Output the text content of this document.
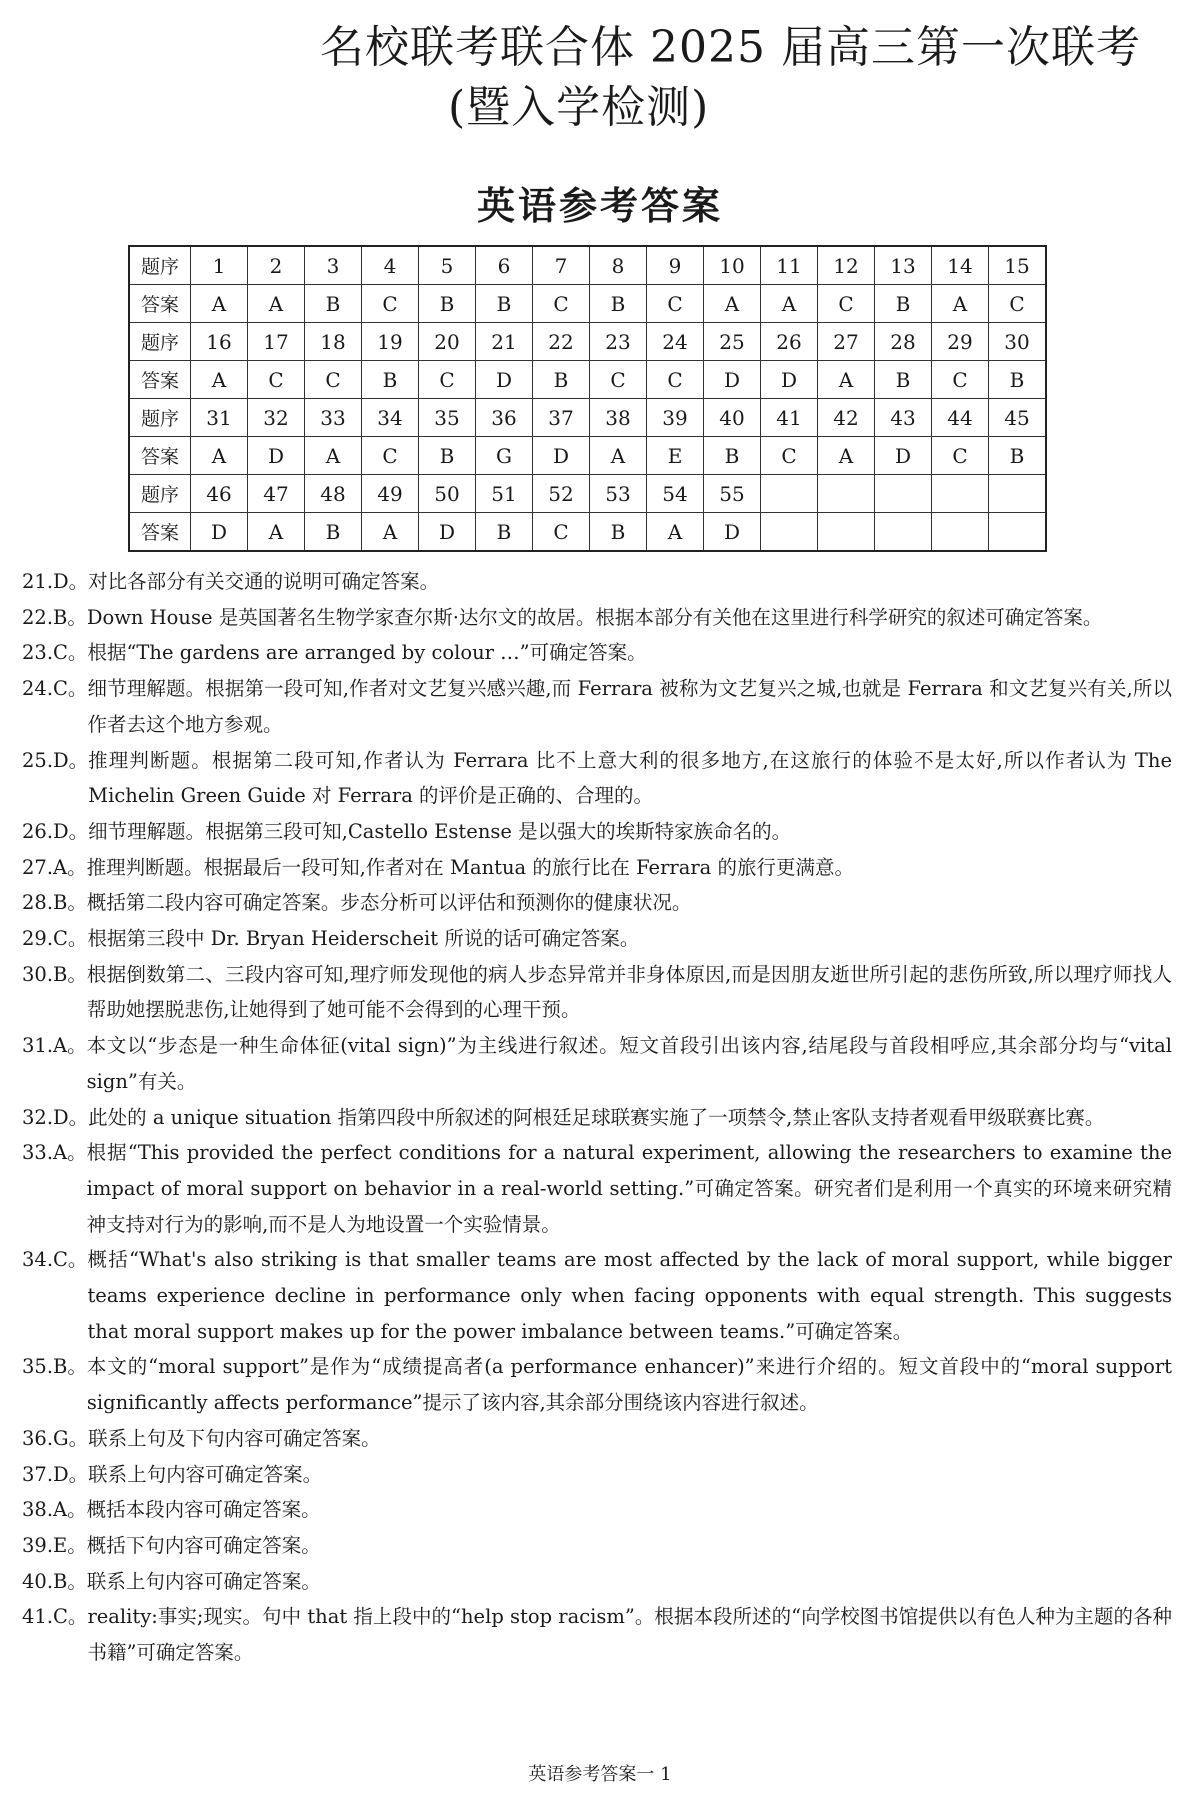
名校联考联合体 2025 届高三第一次联考
(暨入学检测)
英语参考答案
题序	1	2	3	4	5	6	7	8	9	10	11	12	13	14	15
答案	A	A	B	C	B	B	C	B	C	A	A	C	B	A	C
题序	16	17	18	19	20	21	22	23	24	25	26	27	28	29	30
答案	A	C	C	B	C	D	B	C	C	D	D	A	B	C	B
题序	31	32	33	34	35	36	37	38	39	40	41	42	43	44	45
答案	A	D	A	C	B	G	D	A	E	B	C	A	D	C	B
题序	46	47	48	49	50	51	52	53	54	55					
答案	D	A	B	A	D	B	C	B	A	D					
21.D。 对比各部分有关交通的说明可确定答案。
22.B。 Down House 是英国著名生物学家查尔斯·达尔文的故居。根据本部分有关他在这里进行科学研究的叙述可确定答案。
23.C。 根据“The gardens are arranged by colour …”可确定答案。
24.C。 细节理解题。根据第一段可知,作者对文艺复兴感兴趣,而 Ferrara 被称为文艺复兴之城,也就是 Ferrara 和文艺复兴有关,所以作者去这个地方参观。
25.D。 推理判断题。根据第二段可知,作者认为 Ferrara 比不上意大利的很多地方,在这旅行的体验不是太好,所以作者认为 The Michelin Green Guide 对 Ferrara 的评价是正确的、合理的。
26.D。 细节理解题。根据第三段可知,Castello Estense 是以强大的埃斯特家族命名的。
27.A。 推理判断题。根据最后一段可知,作者对在 Mantua 的旅行比在 Ferrara 的旅行更满意。
28.B。 概括第二段内容可确定答案。步态分析可以评估和预测你的健康状况。
29.C。 根据第三段中 Dr. Bryan Heiderscheit 所说的话可确定答案。
30.B。 根据倒数第二、三段内容可知,理疗师发现他的病人步态异常并非身体原因,而是因朋友逝世所引起的悲伤所致,所以理疗师找人帮助她摆脱悲伤,让她得到了她可能不会得到的心理干预。
31.A。 本文以“步态是一种生命体征(vital sign)”为主线进行叙述。短文首段引出该内容,结尾段与首段相呼应,其余部分均与“vital sign”有关。
32.D。 此处的 a unique situation 指第四段中所叙述的阿根廷足球联赛实施了一项禁令,禁止客队支持者观看甲级联赛比赛。
33.A。 根据“This provided the perfect conditions for a natural experiment, allowing the researchers to examine the impact of moral support on behavior in a real-world setting.”可确定答案。研究者们是利用一个真实的环境来研究精神支持对行为的影响,而不是人为地设置一个实验情景。
34.C。 概括“What's also striking is that smaller teams are most affected by the lack of moral support, while bigger teams experience decline in performance only when facing opponents with equal strength. This suggests that moral support makes up for the power imbalance between teams.”可确定答案。
35.B。 本文的“moral support”是作为“成绩提高者(a performance enhancer)”来进行介绍的。短文首段中的“moral support significantly affects performance”提示了该内容,其余部分围绕该内容进行叙述。
36.G。 联系上句及下句内容可确定答案。
37.D。 联系上句内容可确定答案。
38.A。 概括本段内容可确定答案。
39.E。 概括下句内容可确定答案。
40.B。 联系上句内容可确定答案。
41.C。 reality:事实;现实。句中 that 指上段中的“help stop racism”。根据本段所述的“向学校图书馆提供以有色人种为主题的各种书籍”可确定答案。
英语参考答案一 1
